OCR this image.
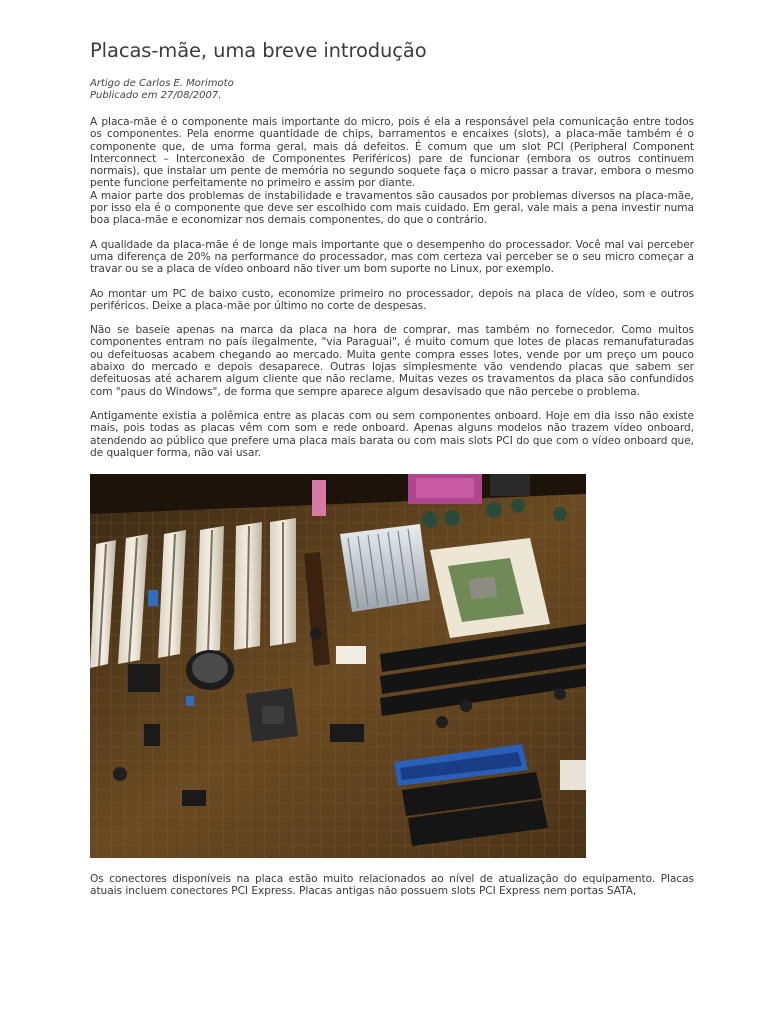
Placas-mãe, uma breve introdução
Artigo de Carlos E. Morimoto
Publicado em 27/08/2007.

A placa-mãe é o componente mais importante do micro, pois é ela a responsável pela comunicação entre todos os componentes. Pela enorme quantidade de chips, barramentos e encaixes (slots), a placa-mãe também é o componente que, de uma forma geral, mais dá defeitos. É comum que um slot PCI (Peripheral Component Interconnect – Interconexão de Componentes Periféricos) pare de funcionar (embora os outros continuem normais), que instalar um pente de memória no segundo soquete faça o micro passar a travar, embora o mesmo pente funcione perfeitamente no primeiro e assim por diante.

A maior parte dos problemas de instabilidade e travamentos são causados por problemas diversos na placa-mãe, por isso ela é o componente que deve ser escolhido com mais cuidado. Em geral, vale mais a pena investir numa boa placa-mãe e economizar nos demais componentes, do que o contrário.

A qualidade da placa-mãe é de longe mais importante que o desempenho do processador. Você mal vai perceber uma diferença de 20% na performance do processador, mas com certeza vai perceber se o seu micro começar a travar ou se a placa de vídeo onboard não tiver um bom suporte no Linux, por exemplo.

Ao montar um PC de baixo custo, economize primeiro no processador, depois na placa de vídeo, som e outros periféricos. Deixe a placa-mãe por último no corte de despesas.

Não se baseie apenas na marca da placa na hora de comprar, mas também no fornecedor. Como muitos componentes entram no país ilegalmente, "via Paraguai", é muito comum que lotes de placas remanufaturadas ou defeituosas acabem chegando ao mercado. Muita gente compra esses lotes, vende por um preço um pouco abaixo do mercado e depois desaparece. Outras lojas simplesmente vão vendendo placas que sabem ser defeituosas até acharem algum cliente que não reclame. Muitas vezes os travamentos da placa são confundidos com "paus do Windows", de forma que sempre aparece algum desavisado que não percebe o problema.

Antigamente existia a polêmica entre as placas com ou sem componentes onboard. Hoje em dia isso não existe mais, pois todas as placas vêm com som e rede onboard. Apenas alguns modelos não trazem vídeo onboard, atendendo ao público que prefere uma placa mais barata ou com mais slots PCI do que com o vídeo onboard que, de qualquer forma, não vai usar.

Os conectores disponíveis na placa estão muito relacionados ao nível de atualização do equipamento. Placas atuais incluem conectores PCI Express. Placas antigas não possuem slots PCI Express nem portas SATA,
